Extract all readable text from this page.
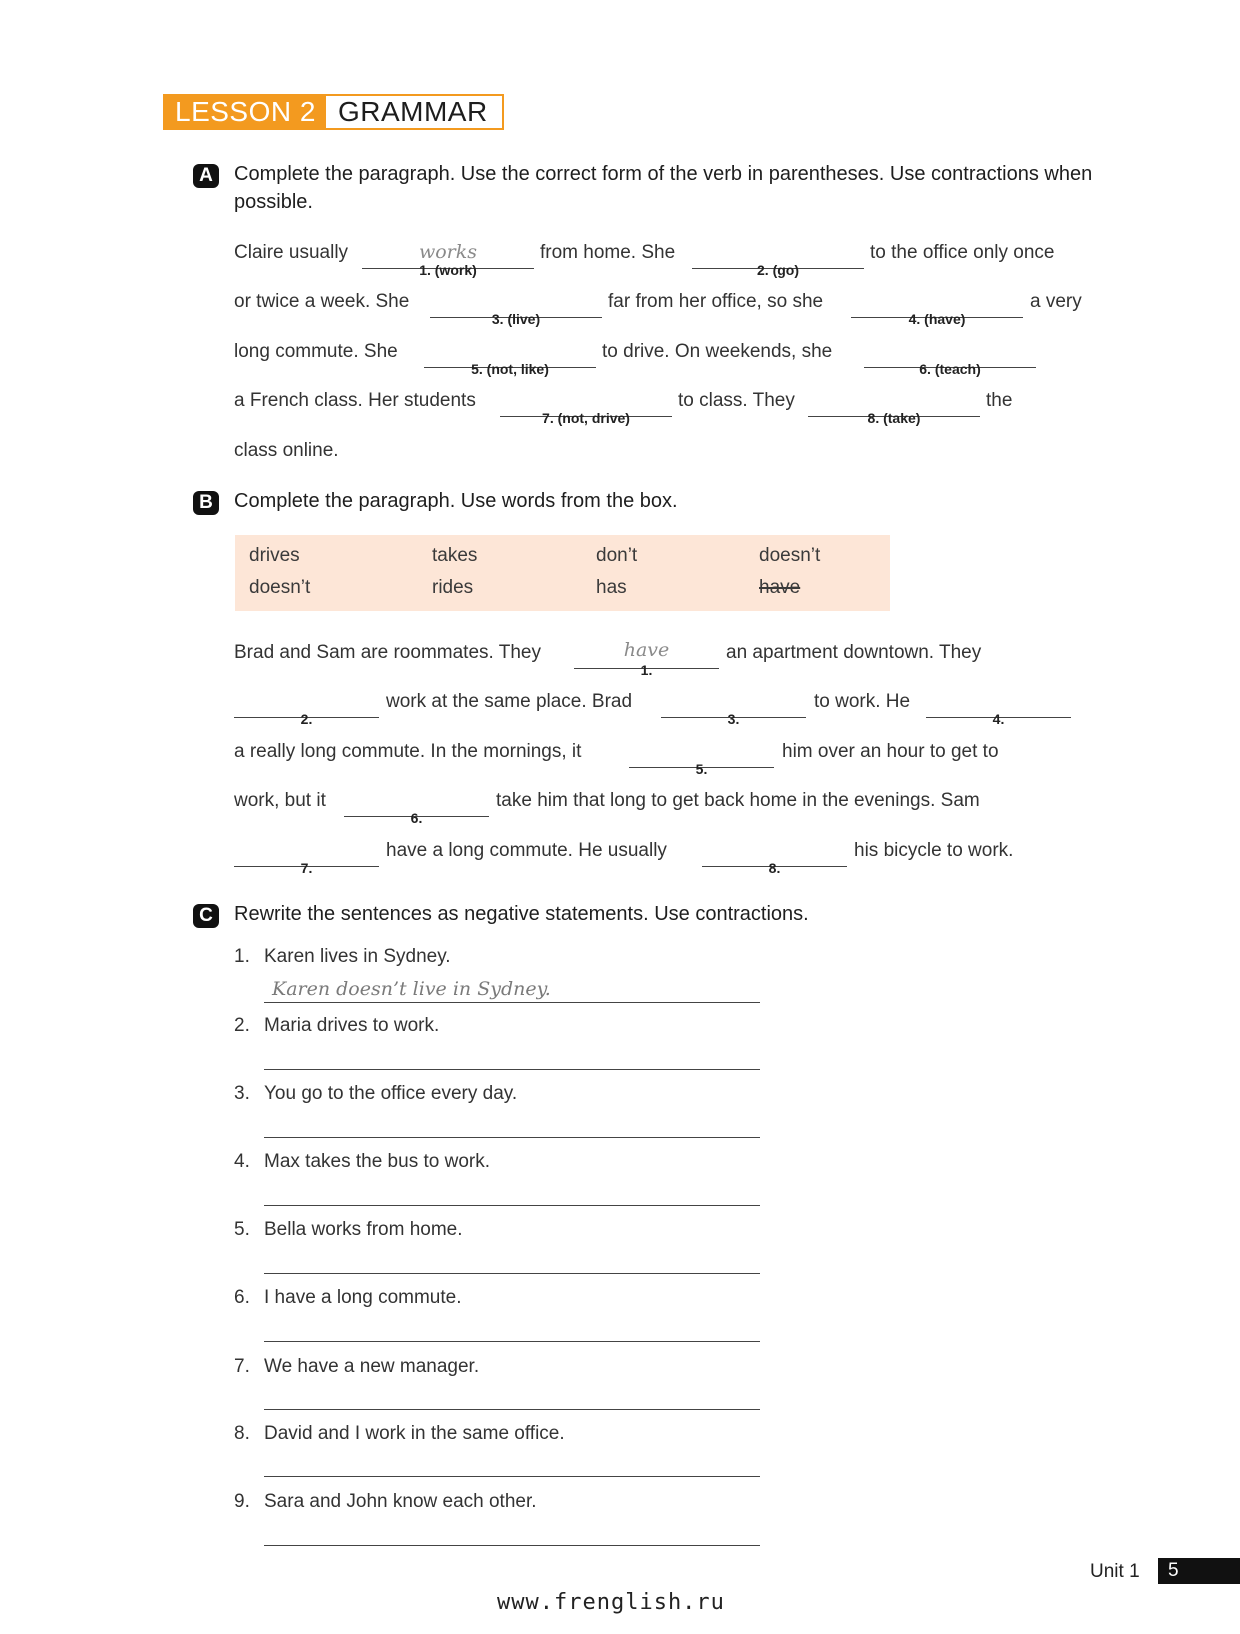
LESSON 2 GRAMMAR
A	Complete the paragraph. Use the correct form of the verb in parentheses. Use contractions when possible.
Claire usually	works
1. (work)
from home. She
2. (go)
to the office only once
or twice a week. She
3. (live)
far from her office, so she
4. (have)
a very
long commute. She
5. (not, like)
to drive. On weekends, she
6. (teach)
a French class. Her students
7. (not, drive)
to class. They
8. (take)
the
class online.
B	Complete the paragraph. Use words from the box.
drives	takes	don’t	doesn’t
doesn’t	rides	has	have
Brad and Sam are roommates. They	have
1.
an apartment downtown. They
2.
work at the same place. Brad
3.
to work. He
4.
a really long commute. In the mornings, it
5.
him over an hour to get to
work, but it
6.
take him that long to get back home in the evenings. Sam
7.
have a long commute. He usually
8.
his bicycle to work.
C	Rewrite the sentences as negative statements. Use contractions.
1. Karen lives in Sydney.
Karen doesn’t live in Sydney.
2. Maria drives to work.
3. You go to the office every day.
4. Max takes the bus to work.
5. Bella works from home.
6. I have a long commute.
7. We have a new manager.
8. David and I work in the same office.
9. Sara and John know each other.
Unit 1	5
www.frenglish.ru
